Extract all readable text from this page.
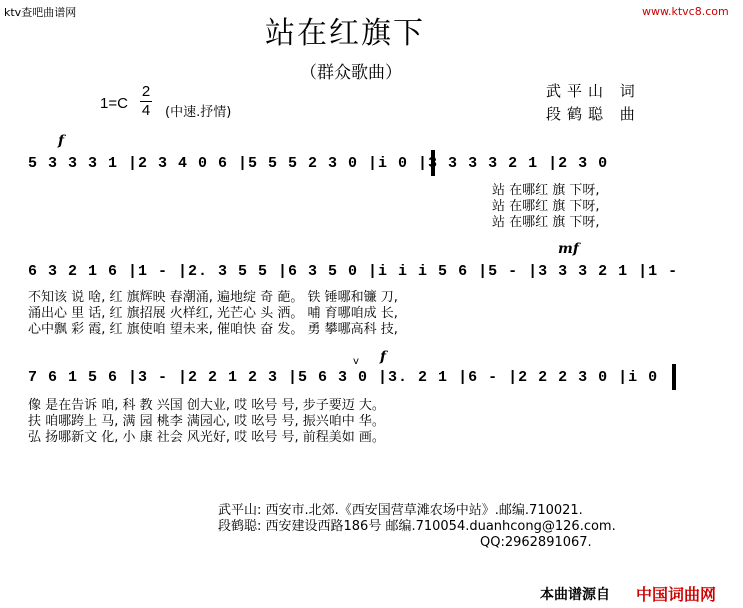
ktv查吧曲谱网	www.ktvc8.com
站在红旗下
（群众歌曲）
武平山 词
段鹤聪 曲
1=C
2
4 (中速.抒情)
f
mf
f
v
5 3 3 3 1 |2 3 4 0 6 |5 5 5 2 3 0 |i 0 |3 3 3 3 2 1 |2 3 0
站 在哪红 旗 下呀,
站 在哪红 旗 下呀,
站 在哪红 旗 下呀,
6 3 2 1 6 |1 - |2. 3 5 5 |6 3 5 0 |i i i 5 6 |5 - |3 3 3 2 1 |1 -
不知该 说 啥, 红 旗辉映 春潮涌, 遍地绽 奇 葩。 铁 锤哪和镰 刀,
涌出心 里 话, 红 旗招展 火样红, 光芒心 头 洒。 哺 育哪咱成 长,
心中飘 彩 霞, 红 旗使咱 望未来, 催咱快 奋 发。 勇 攀哪高科 技,
7 6 1 5 6 |3 - |2 2 1 2 3 |5 6 3 0 |3. 2 1 |6 - |2 2 2 3 0 |i 0
像 是在告诉 咱, 科 教 兴国 创大业, 哎 吆号 号, 步子要迈 大。
扶 咱哪跨上 马, 满 园 桃李 满园心, 哎 吆号 号, 振兴咱中 华。
弘 扬哪新文 化, 小 康 社会 风光好, 哎 吆号 号, 前程美如 画。
武平山: 西安市.北郊.《西安国营草滩农场中站》.邮编.710021.
段鹤聪: 西安建设西路186号 邮编.710054.duanhcong@126.com.
QQ:2962891067.
本曲谱源自 中国词曲网
